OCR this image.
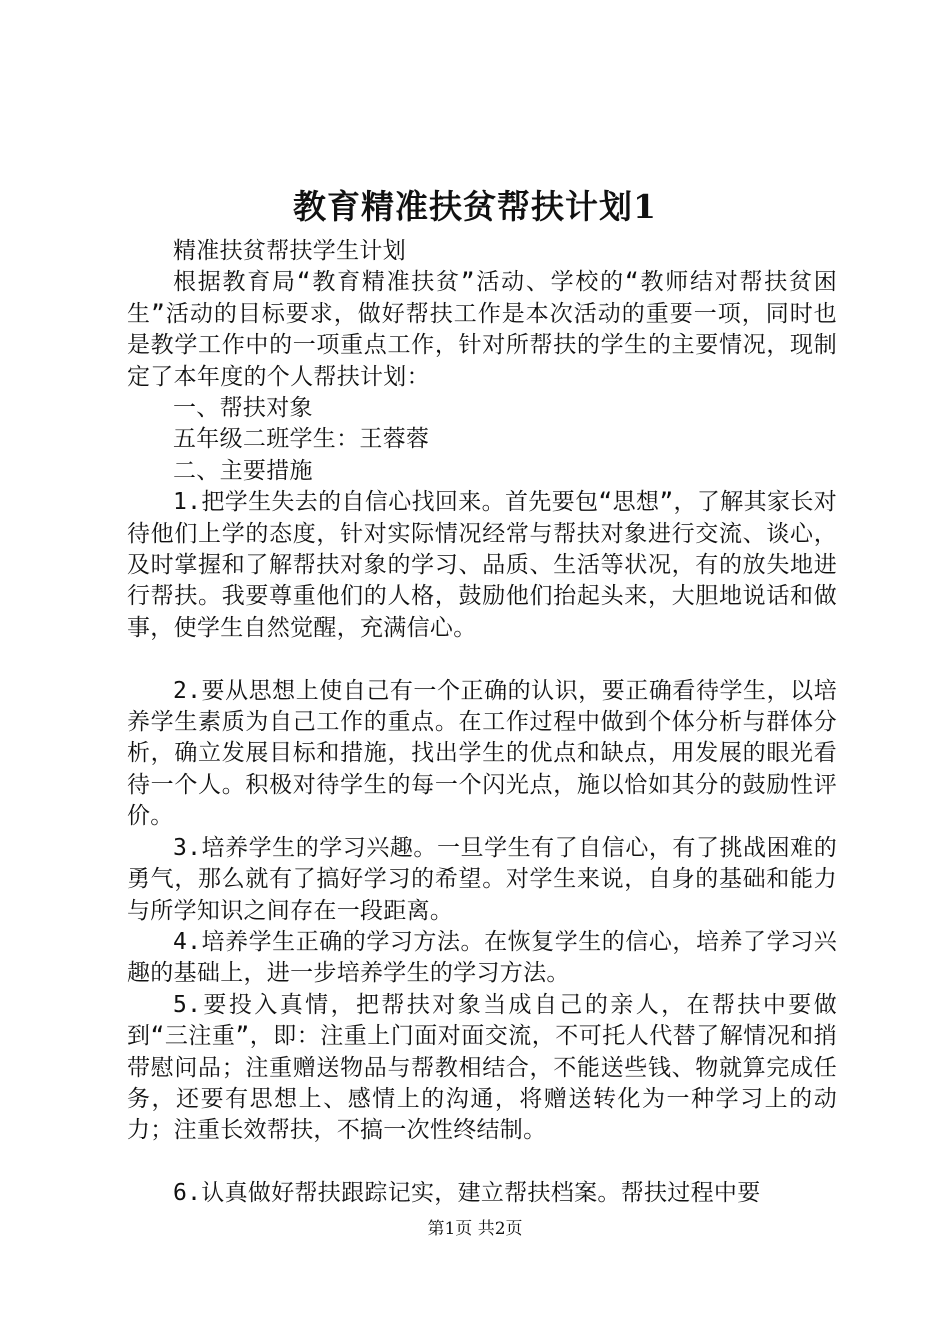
教育精准扶贫帮扶计划1

精准扶贫帮扶学生计划

根据教育局“教育精准扶贫”活动、学校的“教师结对帮扶贫困生”活动的目标要求，做好帮扶工作是本次活动的重要一项，同时也是教学工作中的一项重点工作，针对所帮扶的学生的主要情况，现制定了本年度的个人帮扶计划：

一、帮扶对象

五年级二班学生：王蓉蓉

二、主要措施

1.把学生失去的自信心找回来。首先要包“思想”，了解其家长对待他们上学的态度，针对实际情况经常与帮扶对象进行交流、谈心，及时掌握和了解帮扶对象的学习、品质、生活等状况，有的放失地进行帮扶。我要尊重他们的人格，鼓励他们抬起头来，大胆地说话和做事，使学生自然觉醒，充满信心。

2.要从思想上使自己有一个正确的认识，要正确看待学生，以培养学生素质为自己工作的重点。在工作过程中做到个体分析与群体分析，确立发展目标和措施，找出学生的优点和缺点，用发展的眼光看待一个人。积极对待学生的每一个闪光点，施以恰如其分的鼓励性评价。

3.培养学生的学习兴趣。一旦学生有了自信心，有了挑战困难的勇气，那么就有了搞好学习的希望。对学生来说，自身的基础和能力与所学知识之间存在一段距离。

4.培养学生正确的学习方法。在恢复学生的信心，培养了学习兴趣的基础上，进一步培养学生的学习方法。

5.要投入真情，把帮扶对象当成自己的亲人，在帮扶中要做到“三注重”，即：注重上门面对面交流，不可托人代替了解情况和捎带慰问品；注重赠送物品与帮教相结合，不能送些钱、物就算完成任务，还要有思想上、感情上的沟通，将赠送转化为一种学习上的动力；注重长效帮扶，不搞一次性终结制。

6.认真做好帮扶跟踪记实，建立帮扶档案。帮扶过程中要

第1页 共2页
